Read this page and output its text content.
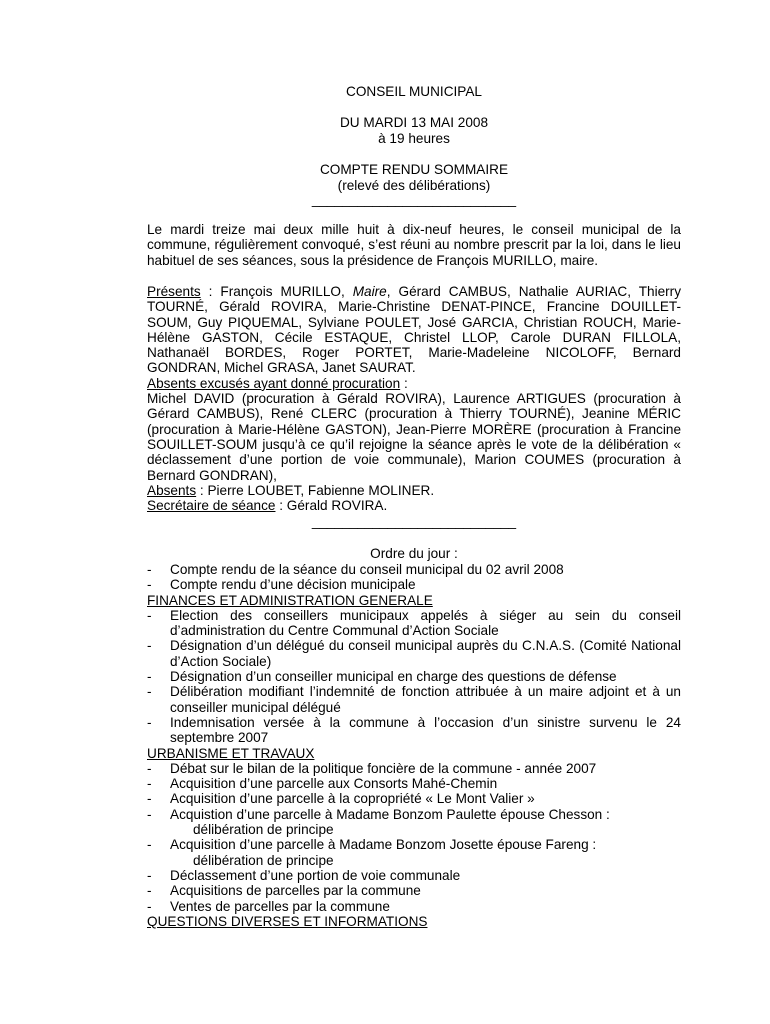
CONSEIL MUNICIPAL
DU MARDI 13 MAI 2008
à 19 heures
COMPTE RENDU SOMMAIRE
(relevé des délibérations)
___________________________

Le mardi treize mai deux mille huit à dix-neuf heures, le conseil municipal de la commune, régulièrement convoqué, s’est réuni au nombre prescrit par la loi, dans le lieu habituel de ses séances, sous la présidence de François MURILLO, maire.

Présents : François MURILLO, Maire, Gérard CAMBUS, Nathalie AURIAC, Thierry TOURNÉ, Gérald ROVIRA, Marie-Christine DENAT-PINCE, Francine DOUILLET-SOUM, Guy PIQUEMAL, Sylviane POULET, José GARCIA, Christian ROUCH, Marie-Hélène GASTON, Cécile ESTAQUE, Christel LLOP, Carole DURAN FILLOLA, Nathanaël BORDES, Roger PORTET, Marie-Madeleine NICOLOFF, Bernard GONDRAN, Michel GRASA, Janet SAURAT.

Absents excusés ayant donné procuration :

Michel DAVID (procuration à Gérald ROVIRA), Laurence ARTIGUES (procuration à Gérard CAMBUS), René CLERC (procuration à Thierry TOURNÉ), Jeanine MÉRIC (procuration à Marie-Hélène GASTON), Jean-Pierre MORÈRE (procuration à Francine SOUILLET-SOUM jusqu’à ce qu’il rejoigne la séance après le vote de la délibération « déclassement d’une portion de voie communale), Marion COUMES (procuration à Bernard GONDRAN),

Absents : Pierre LOUBET, Fabienne MOLINER.

Secrétaire de séance : Gérald ROVIRA.

___________________________
Ordre du jour :
- Compte rendu de la séance du conseil municipal du 02 avril 2008
- Compte rendu d’une décision municipale
FINANCES ET ADMINISTRATION GENERALE
- Election des conseillers municipaux appelés à siéger au sein du conseil d’administration du Centre Communal d’Action Sociale
- Désignation d’un délégué du conseil municipal auprès du C.N.A.S. (Comité National d’Action Sociale)
- Désignation d’un conseiller municipal en charge des questions de défense
- Délibération modifiant l’indemnité de fonction attribuée à un maire adjoint et à un conseiller municipal délégué
- Indemnisation versée à la commune à l’occasion d’un sinistre survenu le 24 septembre 2007
URBANISME ET TRAVAUX
- Débat sur le bilan de la politique foncière de la commune - année 2007
- Acquisition d’une parcelle aux Consorts Mahé-Chemin
- Acquisition d’une parcelle à la copropriété « Le Mont Valier »
- Acquistion d’une parcelle à Madame Bonzom Paulette épouse Chesson :
délibération de principe
- Acquisition d’une parcelle à Madame Bonzom Josette épouse Fareng :
délibération de principe
- Déclassement d’une portion de voie communale
- Acquisitions de parcelles par la commune
- Ventes de parcelles par la commune
QUESTIONS DIVERSES ET INFORMATIONS
